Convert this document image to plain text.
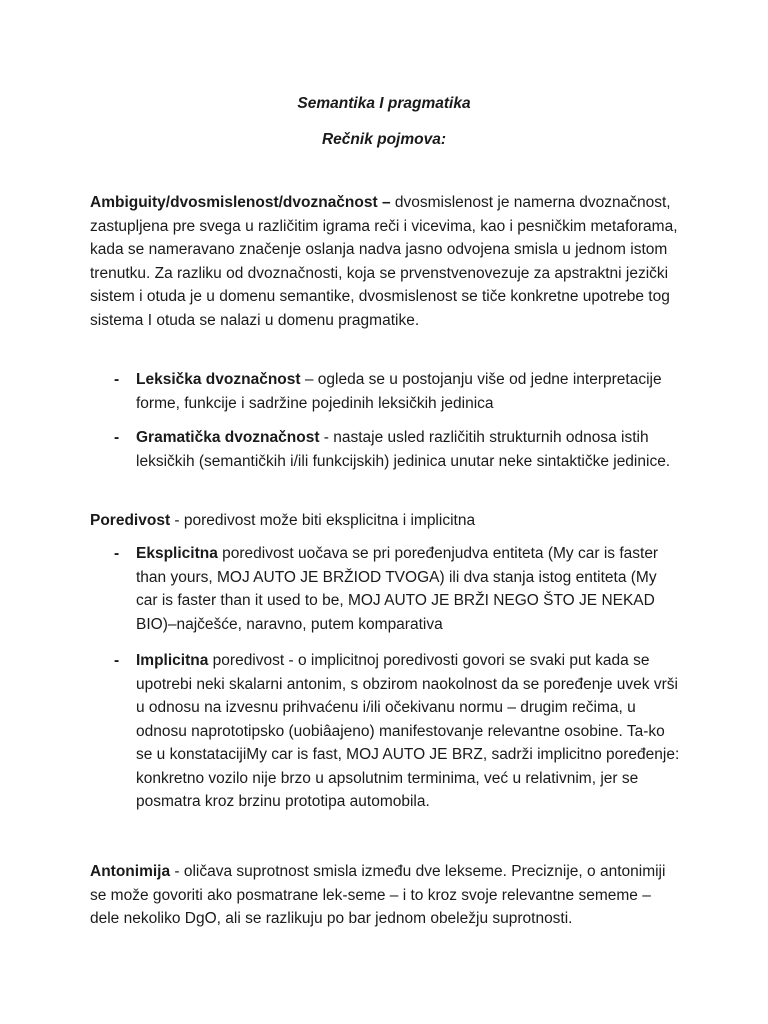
Semantika I pragmatika
Rečnik pojmova:

Ambiguity/dvosmislenost/dvoznačnost – dvosmislenost je namerna dvoznačnost, zastupljena pre svega u različitim igrama reči i vicevima, kao i pesničkim metaforama, kada se nameravano značenje oslanja nadva jasno odvojena smisla u jednom istom trenutku. Za razliku od dvoznačnosti, koja se prvenstvenovezuje za apstraktni jezički sistem i otuda je u domenu semantike, dvosmislenost se tiče konkretne upotrebe tog sistema I otuda se nalazi u domenu pragmatike.

- Leksička dvoznačnost – ogleda se u postojanju više od jedne interpretacije forme, funkcije i sadržine pojedinih leksičkih jedinica

- Gramatička dvoznačnost - nastaje usled različitih strukturnih odnosa istih leksičkih (semantičkih i/ili funkcijskih) jedinica unutar neke sintaktičke jedinice.

Poredivost - poredivost može biti eksplicitna i implicitna

- Eksplicitna poredivost uočava se pri poređenjudva entiteta (My car is faster than yours, MOJ AUTO JE BRŽIOD TVOGA) ili dva stanja istog entiteta (My car is faster than it used to be, MOJ AUTO JE BRŽI NEGO ŠTO JE NEKAD BIO)–najčešće, naravno, putem komparativa

- Implicitna poredivost - o implicitnoj poredivosti govori se svaki put kada se upotrebi neki skalarni antonim, s obzirom naokolnost da se poređenje uvek vrši u odnosu na izvesnu prihvaćenu i/ili očekivanu normu – drugim rečima, u odnosu naprototipsko (uobiâajeno) manifestovanje relevantne osobine. Ta-ko se u konstatacijiMy car is fast, MOJ AUTO JE BRZ, sadrži implicitno poređenje: konkretno vozilo nije brzo u apsolutnim terminima, već u relativnim, jer se posmatra kroz brzinu prototipa automobila.

Antonimija - oličava suprotnost smisla između dve lekseme. Preciznije, o antonimiji se može govoriti ako posmatrane lek-seme – i to kroz svoje relevantne sememe – dele nekoliko DgO, ali se razlikuju po bar jednom obeležju suprotnosti.
